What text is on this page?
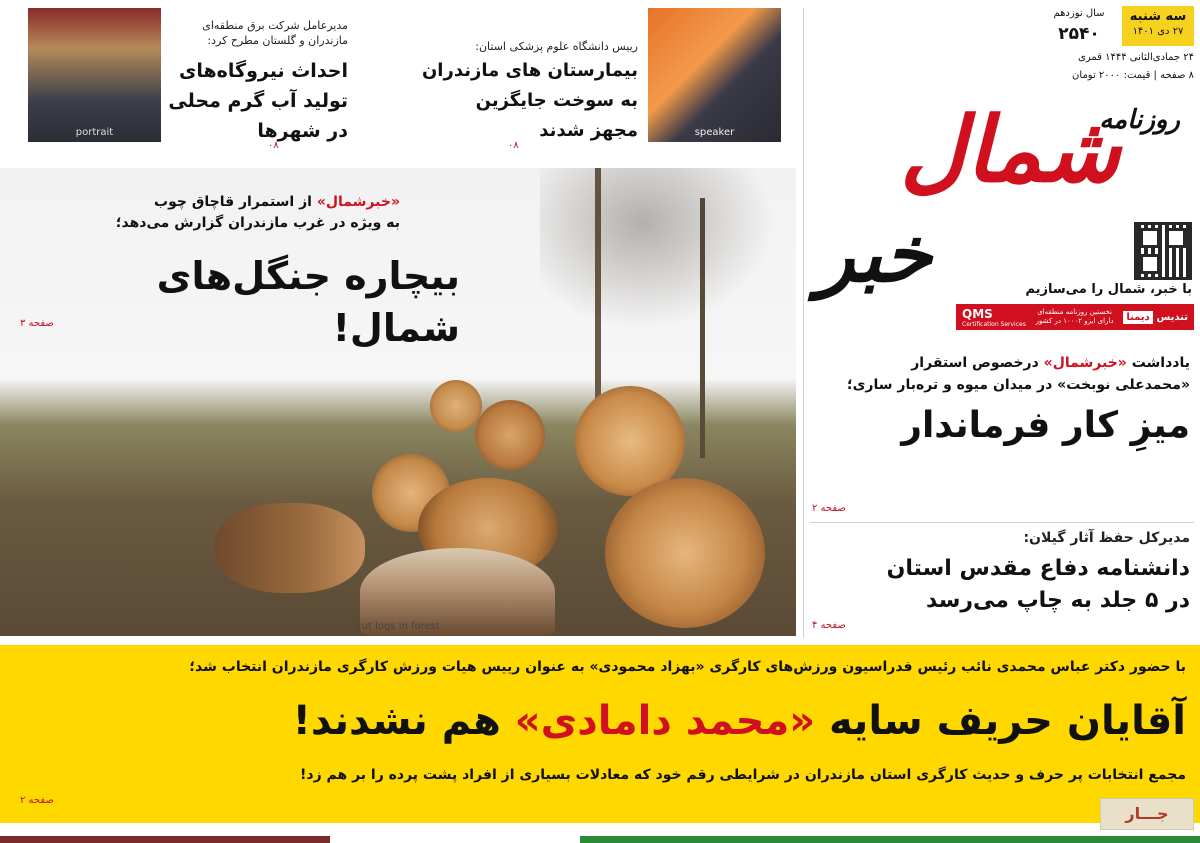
سه شنبه
۲۷ دی ۱۴۰۱
سال نوزدهم
۲۵۴۰
۲۴ جمادی‌الثانی ۱۴۴۴ قمری
۸ صفحه | قیمت: ۲۰۰۰ تومان
روزنامه
خبر
شمال
با خبر، شمال را می‌سازیم
تندیس
دیمنا
نخستین روزنامه منطقه‌ای دارای ایزو ۱۰۰۰۲ در کشور
QMS
Certification Services
portrait
مدیرعامل شرکت برق منطقه‌ای مازندران و گلستان مطرح کرد:
احداث نیروگاه‌های
تولید آب گرم محلی
در شهرها
۰۸
speaker
رییس دانشگاه علوم پزشکی استان:
بیمارستان های مازندران
به سوخت جایگزین
مجهز شدند
۰۸
cut logs in forest
«خبرشمال» از استمرار قاچاق چوب
به ویژه در غرب مازندران گزارش می‌دهد؛
بیچاره جنگل‌های شمال!
صفحه ۳
یادداشت «خبرشمال» درخصوص استقرار
«محمدعلی نوبخت» در میدان میوه و تره‌بار ساری؛
میزِ کار فرماندار
صفحه ۲
مدیرکل حفظ آثار گیلان:
دانشنامه دفاع مقدس استان
در ۵ جلد به چاپ می‌رسد
صفحه ۴
با حضور دکتر عباس محمدی نائب رئیس فدراسیون ورزش‌های کارگری «بهزاد محمودی» به عنوان رییس هیات ورزش کارگری مازندران انتخاب شد؛
آقایان حریف سایه «محمد دامادی» هم نشدند!
مجمع انتخابات پر حرف و حدیث کارگری استان مازندران در شرایطی رقم خود که معادلات بسیاری از افراد پشت پرده را بر هم زد!
صفحه ۲
جـــار
